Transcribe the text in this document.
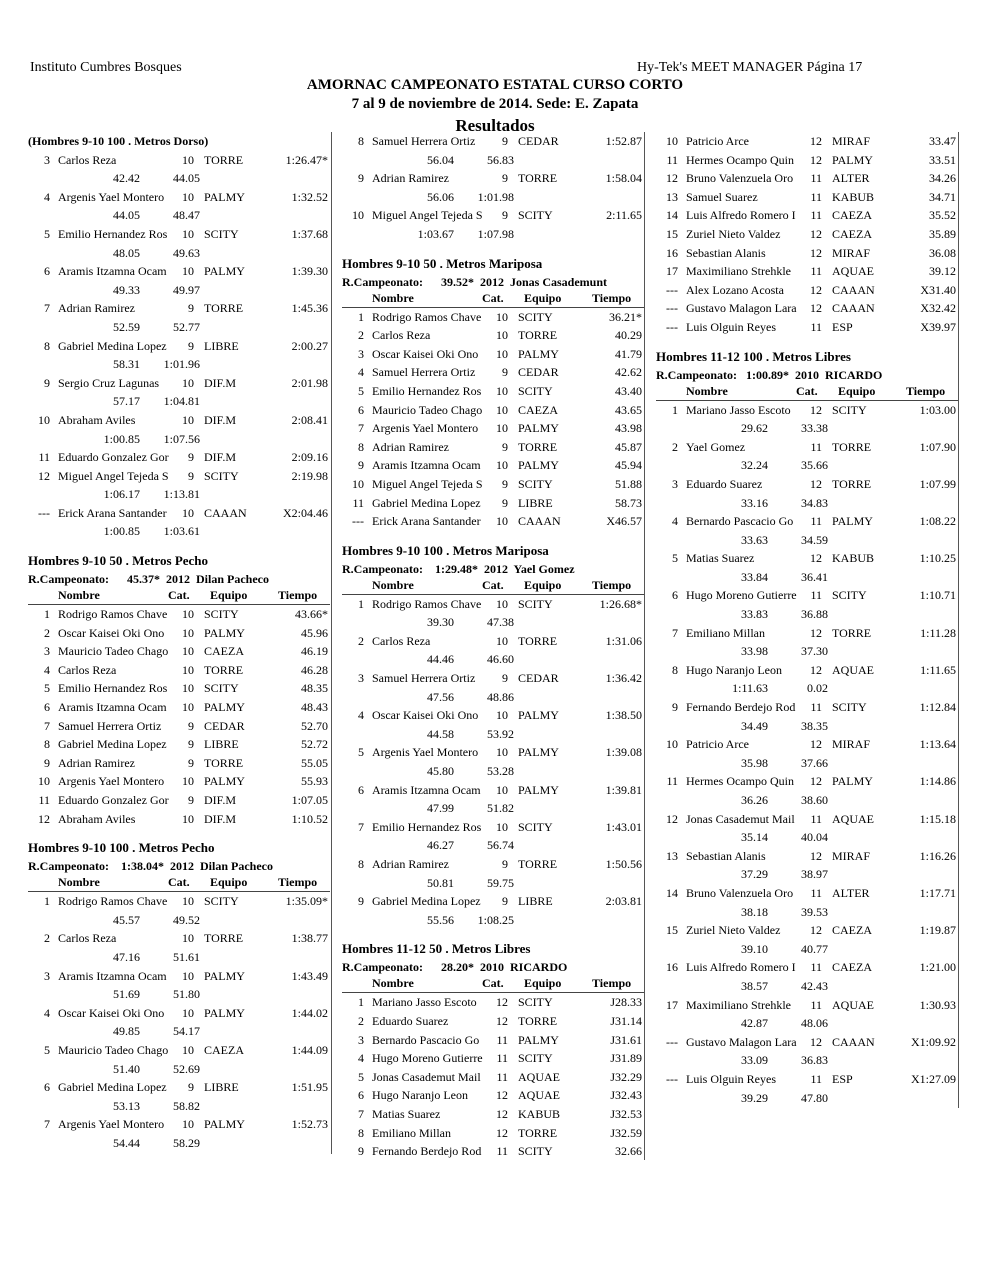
Instituto Cumbres Bosques	Hy-Tek's MEET MANAGER Página 17
AMORNAC CAMPEONATO ESTATAL CURSO CORTO
7 al 9 de noviembre de 2014. Sede: E. Zapata
Resultados
(Hombres 9-10 100 . Metros Dorso)
3 Carlos Reza	10 TORRE	1:26.47*
42.42	44.05
4 Argenis Yael Montero	10 PALMY	1:32.52
44.05	48.47
5 Emilio Hernandez Ros	10 SCITY	1:37.68
48.05	49.63
6 Aramis Itzamna Ocam	10 PALMY	1:39.30
49.33	49.97
7 Adrian Ramirez	9 TORRE	1:45.36
52.59	52.77
8 Gabriel Medina Lopez	9 LIBRE	2:00.27
58.31	1:01.96
9 Sergio Cruz Lagunas	10 DIF.M	2:01.98
57.17	1:04.81
10 Abraham Aviles	10 DIF.M	2:08.41
1:00.85	1:07.56
11 Eduardo Gonzalez Gor	9 DIF.M	2:09.16
12 Miguel Angel Tejeda S	9 SCITY	2:19.98
1:06.17	1:13.81
--- Erick Arana Santander	10 CAAAN	X2:04.46
1:00.85	1:03.61
Hombres 9-10 50 . Metros Pecho
R.Campeonato:      45.37*  2012  Dilan Pacheco
Nombre	Cat. Equipo	Tiempo
1 Rodrigo Ramos Chave	10 SCITY	43.66*
2 Oscar Kaisei Oki Ono	10 PALMY	45.96
3 Mauricio Tadeo Chago	10 CAEZA	46.19
4 Carlos Reza	10 TORRE	46.28
5 Emilio Hernandez Ros	10 SCITY	48.35
6 Aramis Itzamna Ocam	10 PALMY	48.43
7 Samuel Herrera Ortiz	9 CEDAR	52.70
8 Gabriel Medina Lopez	9 LIBRE	52.72
9 Adrian Ramirez	9 TORRE	55.05
10 Argenis Yael Montero	10 PALMY	55.93
11 Eduardo Gonzalez Gor	9 DIF.M	1:07.05
12 Abraham Aviles	10 DIF.M	1:10.52
Hombres 9-10 100 . Metros Pecho
R.Campeonato:    1:38.04*  2012  Dilan Pacheco
Nombre	Cat. Equipo	Tiempo
1 Rodrigo Ramos Chave	10 SCITY	1:35.09*
45.57	49.52
2 Carlos Reza	10 TORRE	1:38.77
47.16	51.61
3 Aramis Itzamna Ocam	10 PALMY	1:43.49
51.69	51.80
4 Oscar Kaisei Oki Ono	10 PALMY	1:44.02
49.85	54.17
5 Mauricio Tadeo Chago	10 CAEZA	1:44.09
51.40	52.69
6 Gabriel Medina Lopez	9 LIBRE	1:51.95
53.13	58.82
7 Argenis Yael Montero	10 PALMY	1:52.73
54.44	58.29
8 Samuel Herrera Ortiz	9 CEDAR	1:52.87
56.04	56.83
9 Adrian Ramirez	9 TORRE	1:58.04
56.06	1:01.98
10 Miguel Angel Tejeda S	9 SCITY	2:11.65
1:03.67	1:07.98
Hombres 9-10 50 . Metros Mariposa
R.Campeonato:      39.52*  2012  Jonas Casademunt
Nombre	Cat. Equipo	Tiempo
1 Rodrigo Ramos Chave	10 SCITY	36.21*
2 Carlos Reza	10 TORRE	40.29
3 Oscar Kaisei Oki Ono	10 PALMY	41.79
4 Samuel Herrera Ortiz	9 CEDAR	42.62
5 Emilio Hernandez Ros	10 SCITY	43.40
6 Mauricio Tadeo Chago	10 CAEZA	43.65
7 Argenis Yael Montero	10 PALMY	43.98
8 Adrian Ramirez	9 TORRE	45.87
9 Aramis Itzamna Ocam	10 PALMY	45.94
10 Miguel Angel Tejeda S	9 SCITY	51.88
11 Gabriel Medina Lopez	9 LIBRE	58.73
--- Erick Arana Santander	10 CAAAN	X46.57
Hombres 9-10 100 . Metros Mariposa
R.Campeonato:    1:29.48*  2012  Yael Gomez
Nombre	Cat. Equipo	Tiempo
1 Rodrigo Ramos Chave	10 SCITY	1:26.68*
39.30	47.38
2 Carlos Reza	10 TORRE	1:31.06
44.46	46.60
3 Samuel Herrera Ortiz	9 CEDAR	1:36.42
47.56	48.86
4 Oscar Kaisei Oki Ono	10 PALMY	1:38.50
44.58	53.92
5 Argenis Yael Montero	10 PALMY	1:39.08
45.80	53.28
6 Aramis Itzamna Ocam	10 PALMY	1:39.81
47.99	51.82
7 Emilio Hernandez Ros	10 SCITY	1:43.01
46.27	56.74
8 Adrian Ramirez	9 TORRE	1:50.56
50.81	59.75
9 Gabriel Medina Lopez	9 LIBRE	2:03.81
55.56	1:08.25
Hombres 11-12 50 . Metros Libres
R.Campeonato:      28.20*  2010  RICARDO
Nombre	Cat. Equipo	Tiempo
1 Mariano Jasso Escoto	12 SCITY	J28.33
2 Eduardo Suarez	12 TORRE	J31.14
3 Bernardo Pascacio Go	11 PALMY	J31.61
4 Hugo Moreno Gutierre	11 SCITY	J31.89
5 Jonas Casademut Mail	11 AQUAE	J32.29
6 Hugo Naranjo Leon	12 AQUAE	J32.43
7 Matias Suarez	12 KABUB	J32.53
8 Emiliano Millan	12 TORRE	J32.59
9 Fernando Berdejo Rod	11 SCITY	32.66
10 Patricio Arce	12 MIRAF	33.47
11 Hermes Ocampo Quin	12 PALMY	33.51
12 Bruno Valenzuela Oro	11 ALTER	34.26
13 Samuel Suarez	11 KABUB	34.71
14 Luis Alfredo Romero I	11 CAEZA	35.52
15 Zuriel Nieto Valdez	12 CAEZA	35.89
16 Sebastian Alanis	12 MIRAF	36.08
17 Maximiliano Strehkle	11 AQUAE	39.12
--- Alex Lozano Acosta	12 CAAAN	X31.40
--- Gustavo Malagon Lara	12 CAAAN	X32.42
--- Luis Olguin Reyes	11 ESP	X39.97
Hombres 11-12 100 . Metros Libres
R.Campeonato:   1:00.89*  2010  RICARDO
Nombre	Cat. Equipo	Tiempo
1 Mariano Jasso Escoto	12 SCITY	1:03.00
29.62	33.38
2 Yael Gomez	11 TORRE	1:07.90
32.24	35.66
3 Eduardo Suarez	12 TORRE	1:07.99
33.16	34.83
4 Bernardo Pascacio Go	11 PALMY	1:08.22
33.63	34.59
5 Matias Suarez	12 KABUB	1:10.25
33.84	36.41
6 Hugo Moreno Gutierre	11 SCITY	1:10.71
33.83	36.88
7 Emiliano Millan	12 TORRE	1:11.28
33.98	37.30
8 Hugo Naranjo Leon	12 AQUAE	1:11.65
1:11.63	0.02
9 Fernando Berdejo Rod	11 SCITY	1:12.84
34.49	38.35
10 Patricio Arce	12 MIRAF	1:13.64
35.98	37.66
11 Hermes Ocampo Quin	12 PALMY	1:14.86
36.26	38.60
12 Jonas Casademut Mail	11 AQUAE	1:15.18
35.14	40.04
13 Sebastian Alanis	12 MIRAF	1:16.26
37.29	38.97
14 Bruno Valenzuela Oro	11 ALTER	1:17.71
38.18	39.53
15 Zuriel Nieto Valdez	12 CAEZA	1:19.87
39.10	40.77
16 Luis Alfredo Romero I	11 CAEZA	1:21.00
38.57	42.43
17 Maximiliano Strehkle	11 AQUAE	1:30.93
42.87	48.06
--- Gustavo Malagon Lara	12 CAAAN	X1:09.92
33.09	36.83
--- Luis Olguin Reyes	11 ESP	X1:27.09
39.29	47.80
